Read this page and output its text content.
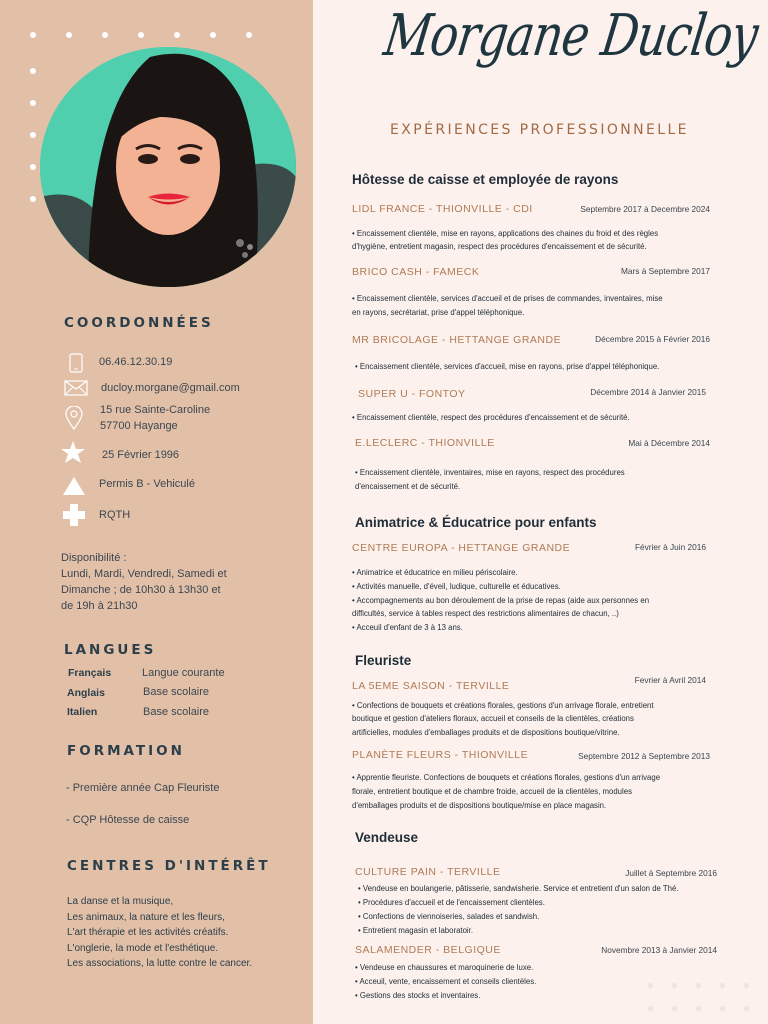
COORDONNÉES
06.46.12.30.19
ducloy.morgane@gmail.com
15 rue Sainte-Caroline
57700 Hayange
25 Février 1996
Permis B - Vehiculé
RQTH
Disponibilité :
Lundi, Mardi, Vendredi, Samedi et
Dimanche ; de 10h30 à 13h30 et
de 19h à 21h30
LANGUES
Français	Langue courante
Anglais	Base scolaire
Italien	Base scolaire
FORMATION
- Première année Cap Fleuriste
- CQP Hôtesse de caisse
CENTRES D'INTÉRÊT
La danse et la musique,
Les animaux, la nature et les fleurs,
L'art thérapie et les activités créatifs.
L'onglerie, la mode et l'esthétique.
Les associations, la lutte contre le cancer.
Morgane Ducloy
EXPÉRIENCES PROFESSIONNELLE
Hôtesse de caisse et employée de rayons
LIDL FRANCE - THIONVILLE - CDI	Septembre 2017 à Decembre 2024
• Encaissement clientèle, mise en rayons, applications des chaines du froid et des règles
d'hygiène, entretient magasin, respect des procédures d'encaissement et de sécurité.
BRICO CASH - FAMECK	Mars à Septembre 2017
• Encaissement clientèle, services d'accueil et de prises de commandes, inventaires, mise
en rayons, secrétariat, prise d'appel téléphonique.
MR BRICOLAGE - HETTANGE GRANDE	Décembre 2015 à Février 2016
• Encaissement clientèle, services d'accueil, mise en rayons, prise d'appel téléphonique.
SUPER U - FONTOY	Décembre 2014 à Janvier 2015
• Encaissement clientèle, respect des procédures d'encaissement et de sécurité.
E.LECLERC - THIONVILLE	Mai à Décembre 2014
• Encaissement clientèle, inventaires, mise en rayons, respect des procédures
d'encaissement et de sécurité.
Animatrice & Éducatrice pour enfants
CENTRE EUROPA - HETTANGE GRANDE	Février à Juin 2016
• Animatrice et éducatrice en milieu périscolaire.
• Activités manuelle, d'éveil, ludique, culturelle et éducatives.
• Accompagnements au bon déroulement de la prise de repas (aide aux personnes en
difficultés, service à tables respect des restrictions alimentaires de chacun, ..)
• Acceuil d'enfant de 3 à 13 ans.
Fleuriste
LA 5EME SAISON - TERVILLE	Fevrier à Avril 2014
• Confections de bouquets et créations florales, gestions d'un arrivage florale, entretient
boutique et gestion d'ateliers floraux, accueil et conseils de la clientèles, créations
artificielles, modules d'emballages produits et de dispositions boutique/vitrine.
PLANÈTE FLEURS - THIONVILLE	Septembre 2012 à Septembre 2013
• Apprentie fleuriste. Confections de bouquets et créations florales, gestions d'un arrivage
florale, entretient boutique et de chambre froide, accueil de la clientèles, modules
d'emballages produits et de dispositions boutique/mise en place magasin.
Vendeuse
CULTURE PAIN - TERVILLE	Juillet à Septembre 2016
• Vendeuse en boulangerie, pâtisserie, sandwisherie. Service et entretient d'un salon de Thé.
• Procédures d'accueil et de l'encaissement clientèles.
• Confections de viennoiseries, salades et sandwish.
• Entretient magasin et laboratoir.
SALAMENDER - BELGIQUE	Novembre 2013 à Janvier 2014
• Vendeuse en chaussures et maroquinerie de luxe.
• Acceuil, vente, encaissement et conseils clientèles.
• Gestions des stocks et inventaires.
